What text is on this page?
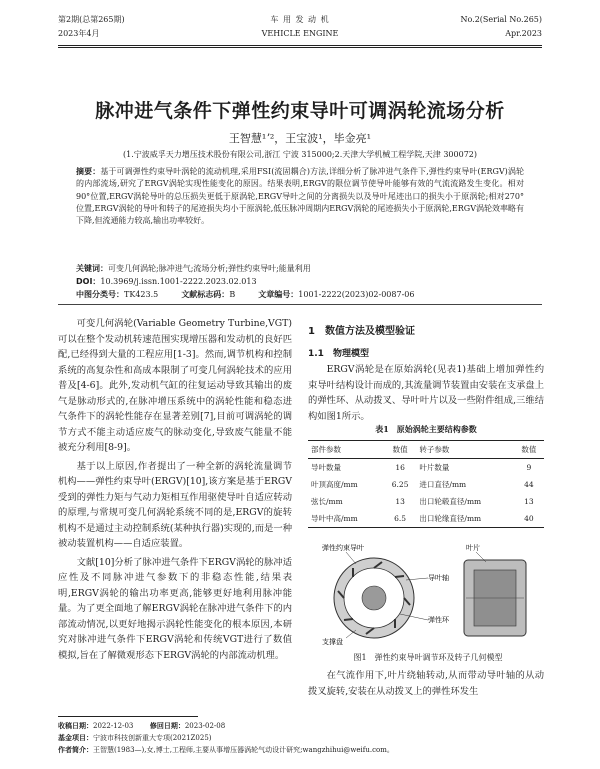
第2期(总第265期)
2023年4月
车 用 发 动 机
VEHICLE ENGINE
No.2(Serial No.265)
Apr.2023
脉冲进气条件下弹性约束导叶可调涡轮流场分析
王智慧¹ʼ²，王宝波¹，毕金亮¹
(1.宁波威孚天力增压技术股份有限公司,浙江 宁波 315000;2.天津大学机械工程学院,天津 300072)
摘要：基于可调弹性约束导叶涡轮的流动机理,采用FSI(流固耦合)方法,详细分析了脉冲进气条件下,弹性约束导叶(ERGV)涡轮的内部流场,研究了ERGV涡轮实现性能变化的原因。结果表明,ERGV的限位调节使导叶能够有效的气流流路发生变化。相对90°位置,ERGV涡轮导叶的总压损失更低于原涡轮,ERGV导叶之间的分离损失以及导叶尾迹出口的损失小于原涡轮;相对270°位置,ERGV涡轮的导叶和转子的尾迹损失均小于原涡轮,低压脉冲周期内ERGV涡轮的尾迹损失小于原涡轮,ERGV涡轮效率略有下降,但流通能力较高,输出功率较好。
关键词：可变几何涡轮;脉冲进气;流场分析;弹性约束导叶;能量利用
DOI：10.3969/j.issn.1001-2222.2023.02.013
中图分类号：TK423.5	文献标志码：B	文章编号：1001-2222(2023)02-0087-06

可变几何涡轮(Variable Geometry Turbine,VGT)可以在整个发动机转速范围实现增压器和发动机的良好匹配,已经得到大量的工程应用[1-3]。然而,调节机构和控制系统的高复杂性和高成本限制了可变几何涡轮技术的应用普及[4-6]。此外,发动机气缸的往复运动导致其输出的废气是脉动形式的,在脉冲增压系统中的涡轮性能和稳态进气条件下的涡轮性能存在显著差别[7],目前可调涡轮的调节方式不能主动适应废气的脉动变化,导致废气能量不能被充分利用[8-9]。

基于以上原因,作者提出了一种全新的涡轮流量调节机构——弹性约束导叶(ERGV)[10],该方案是基于ERGV受到的弹性力矩与气动力矩相互作用驱使导叶自适应转动的原理,与常规可变几何涡轮系统不同的是,ERGV的旋转机构不是通过主动控制系统(某种执行器)实现的,而是一种被动装置机构——自适应装置。

文献[10]分析了脉冲进气条件下ERGV涡轮的脉冲适应性及不同脉冲进气参数下的非稳态性能,结果表明,ERGV涡轮的输出功率更高,能够更好地利用脉冲能量。为了更全面地了解ERGV涡轮在脉冲进气条件下的内部流动情况,以更好地揭示涡轮性能变化的根本原因,本研究对脉冲进气条件下ERGV涡轮和传统VGT进行了数值模拟,旨在了解微观形态下ERGV涡轮的内部流动机理。

1　数值方法及模型验证
1.1　物理模型

ERGV涡轮是在原始涡轮(见表1)基础上增加弹性约束导叶结构设计而成的,其流量调节装置由安装在支承盘上的弹性环、从动拨叉、导叶叶片以及一些附件组成,三维结构如图1所示。

表1　原始涡轮主要结构参数
部件参数	数值	转子参数	数值
导叶数量	16	叶片数量	9
叶顶高度/mm	6.25	进口直径/mm	44
弦长/mm	13	出口轮毂直径/mm	13
导叶中高/mm	6.5	出口轮缘直径/mm	40
弹性约束导叶
支撑盘
叶片
导叶轴
弹性环
图1　弹性约束导叶调节环及转子几何模型

在气流作用下,叶片绕轴转动,从而带动导叶轴的从动拨叉旋转,安装在从动拨叉上的弹性环发生

收稿日期：2022-12-03 修回日期：2023-02-08
基金项目：宁波市科技创新重大专项(2021Z025)
作者简介：王智慧(1983—),女,博士,工程师,主要从事增压器涡轮气动设计研究;wangzhihui@weifu.com。
